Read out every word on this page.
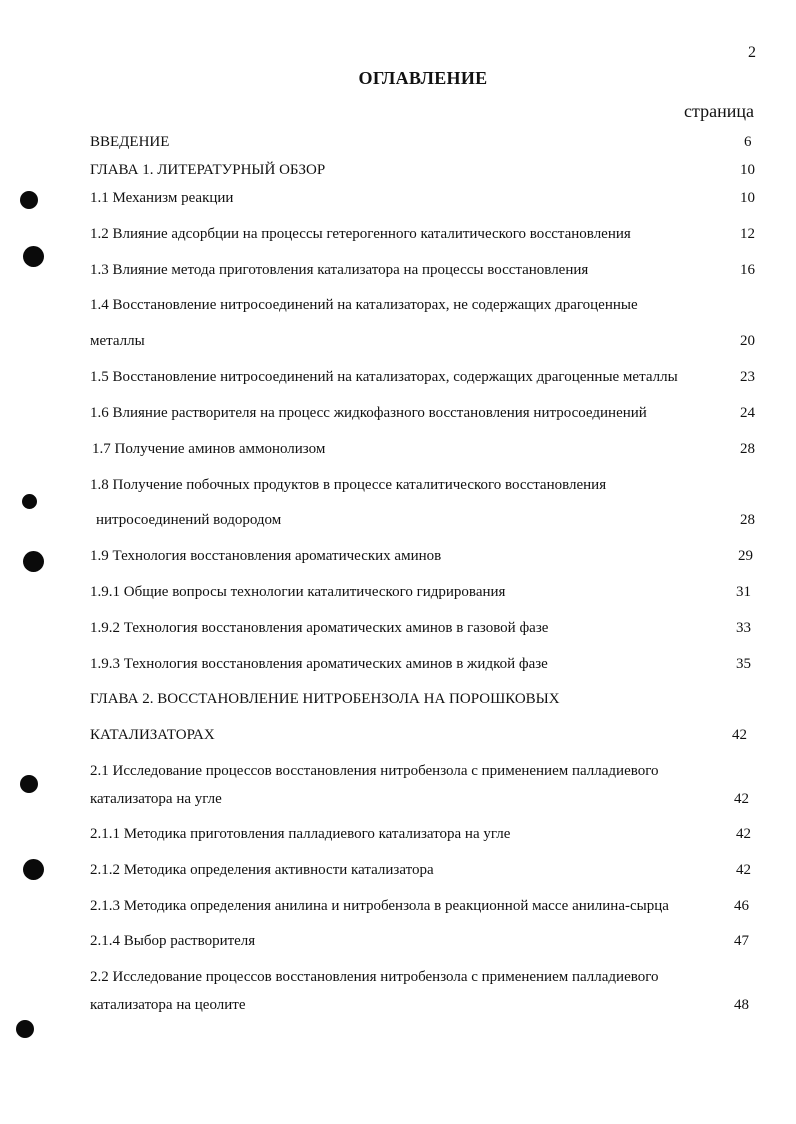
2
ОГЛАВЛЕНИЕ
страница
ВВЕДЕНИЕ	6
ГЛАВА 1. ЛИТЕРАТУРНЫЙ ОБЗОР	10
1.1 Механизм реакции	10
1.2 Влияние адсорбции на процессы гетерогенного каталитического восстановления	12
1.3 Влияние метода приготовления катализатора на процессы восстановления	16
1.4 Восстановление нитросоединений на катализаторах, не содержащих драгоценные
металлы	20
1.5 Восстановление нитросоединений на катализаторах, содержащих драгоценные металлы	23
1.6 Влияние растворителя на процесс жидкофазного восстановления нитросоединений	24
1.7 Получение аминов аммонолизом	28
1.8 Получение побочных продуктов в процессе каталитического восстановления
нитросоединений водородом	28
1.9 Технология восстановления ароматических аминов	29
1.9.1 Общие вопросы технологии каталитического гидрирования	31
1.9.2 Технология восстановления ароматических аминов в газовой фазе	33
1.9.3 Технология восстановления ароматических аминов в жидкой фазе	35
ГЛАВА 2. ВОССТАНОВЛЕНИЕ НИТРОБЕНЗОЛА НА ПОРОШКОВЫХ
КАТАЛИЗАТОРАХ	42
2.1 Исследование процессов восстановления нитробензола с применением палладиевого
катализатора на угле	42
2.1.1 Методика приготовления палладиевого катализатора на угле	42
2.1.2 Методика определения активности катализатора	42
2.1.3 Методика определения анилина и нитробензола в реакционной массе анилина-сырца	46
2.1.4 Выбор растворителя	47
2.2 Исследование процессов восстановления нитробензола с применением палладиевого
катализатора на цеолите	48
